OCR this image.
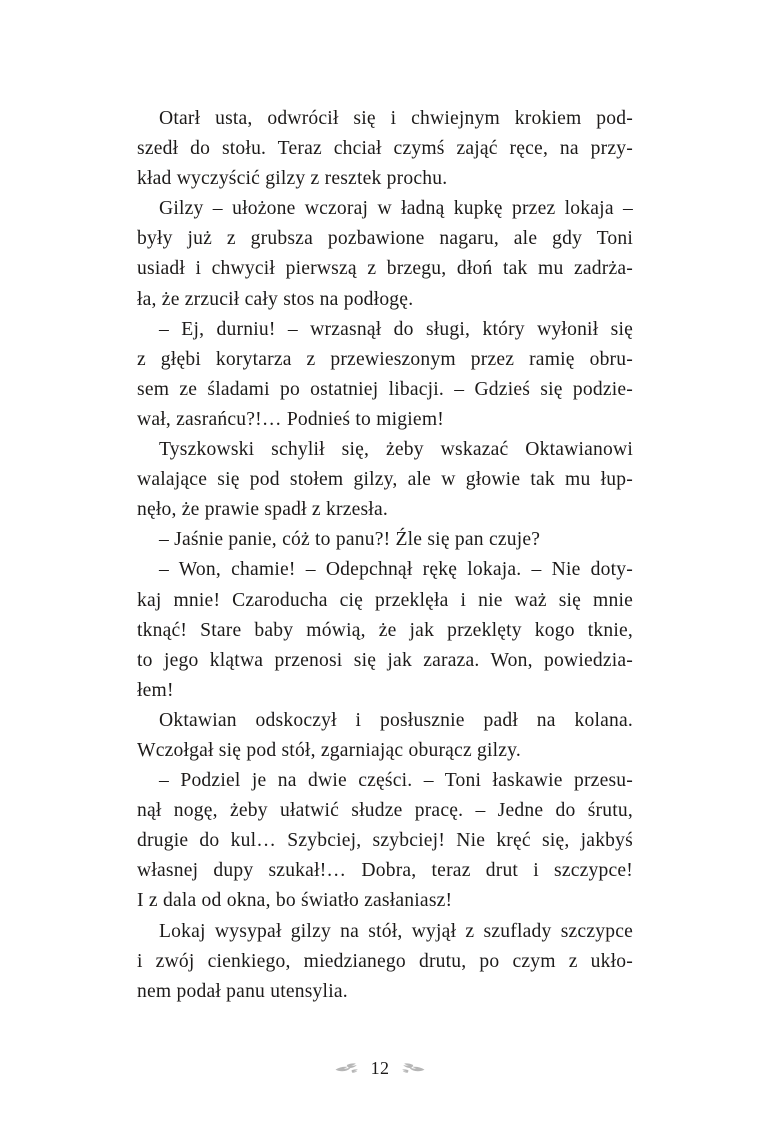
Otarł usta, odwrócił się i chwiejnym krokiem pod-
szedł do stołu. Teraz chciał czymś zająć ręce, na przy-
kład wyczyścić gilzy z resztek prochu.

Gilzy – ułożone wczoraj w ładną kupkę przez lokaja –
były już z grubsza pozbawione nagaru, ale gdy Toni
usiadł i chwycił pierwszą z brzegu, dłoń tak mu zadrża-
ła, że zrzucił cały stos na podłogę.

– Ej, durniu! – wrzasnął do sługi, który wyłonił się
z głębi korytarza z przewieszonym przez ramię obru-
sem ze śladami po ostatniej libacji. – Gdzieś się podzie-
wał, zasrańcu?!… Podnieś to migiem!

Tyszkowski schylił się, żeby wskazać Oktawianowi
walające się pod stołem gilzy, ale w głowie tak mu łup-
nęło, że prawie spadł z krzesła.

– Jaśnie panie, cóż to panu?! Źle się pan czuje?

– Won, chamie! – Odepchnął rękę lokaja. – Nie doty-
kaj mnie! Czaroducha cię przeklęła i nie waż się mnie
tknąć! Stare baby mówią, że jak przeklęty kogo tknie,
to jego klątwa przenosi się jak zaraza. Won, powiedzia-
łem!

Oktawian odskoczył i posłusznie padł na kolana.
Wczołgał się pod stół, zgarniając oburącz gilzy.

– Podziel je na dwie części. – Toni łaskawie przesu-
nął nogę, żeby ułatwić słudze pracę. – Jedne do śrutu,
drugie do kul… Szybciej, szybciej! Nie kręć się, jakbyś
własnej dupy szukał!… Dobra, teraz drut i szczypce!
I z dala od okna, bo światło zasłaniasz!

Lokaj wysypał gilzy na stół, wyjął z szuflady szczypce
i zwój cienkiego, miedzianego drutu, po czym z ukło-
nem podał panu utensylia.

12
